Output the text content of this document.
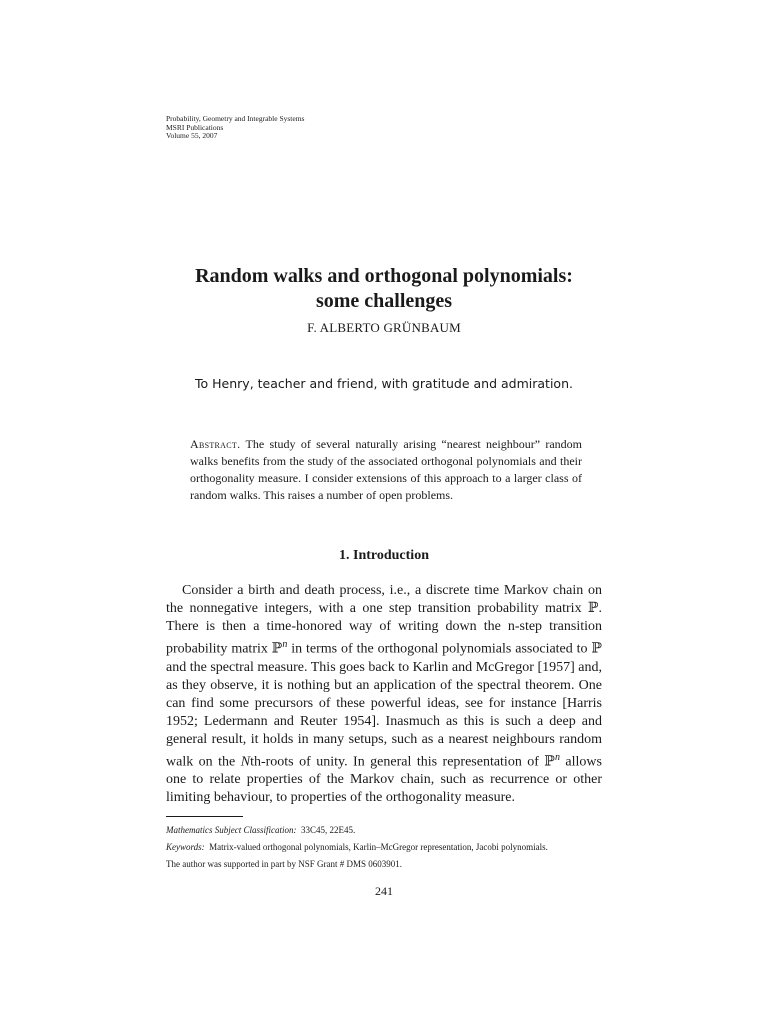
Probability, Geometry and Integrable Systems
MSRI Publications
Volume 55, 2007
Random walks and orthogonal polynomials:
some challenges
F. ALBERTO GRÜNBAUM
To Henry, teacher and friend, with gratitude and admiration.
Abstract. The study of several naturally arising “nearest neighbour” random walks benefits from the study of the associated orthogonal polynomials and their orthogonality measure. I consider extensions of this approach to a larger class of random walks. This raises a number of open problems.
1. Introduction

Consider a birth and death process, i.e., a discrete time Markov chain on the nonnegative integers, with a one step transition probability matrix ℙ. There is then a time-honored way of writing down the n-step transition probability matrix ℙ$^n$ in terms of the orthogonal polynomials associated to ℙ and the spectral measure. This goes back to Karlin and McGregor [1957] and, as they observe, it is nothing but an application of the spectral theorem. One can find some precursors of these powerful ideas, see for instance [Harris 1952; Ledermann and Reuter 1954]. Inasmuch as this is such a deep and general result, it holds in many setups, such as a nearest neighbours random walk on the Nth-roots of unity. In general this representation of ℙ$^n$ allows one to relate properties of the Markov chain, such as recurrence or other limiting behaviour, to properties of the orthogonality measure.

Mathematics Subject Classification: 33C45, 22E45.
Keywords: Matrix-valued orthogonal polynomials, Karlin–McGregor representation, Jacobi polynomials.
The author was supported in part by NSF Grant # DMS 0603901.
241
